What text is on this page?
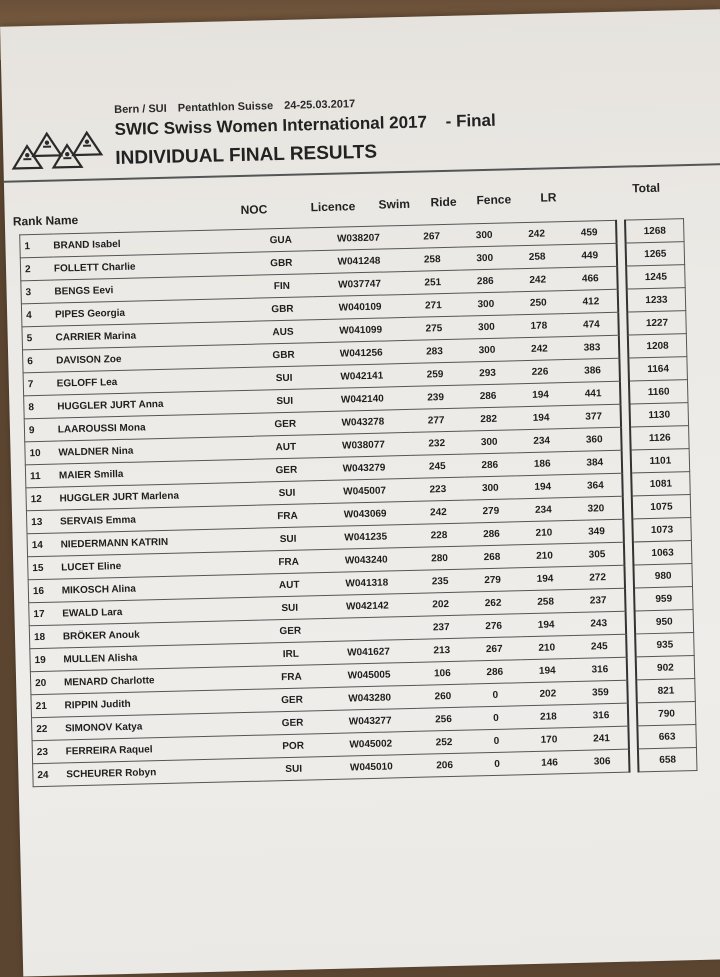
Bern / SUI Pentathlon Suisse 24-25.03.2017
SWIC Swiss Women International 2017 - Final
INDIVIDUAL FINAL RESULTS
Rank Name
NOC	Licence Swim Ride Fence LR
Total
1	BRAND Isabel	GUA	W038207	267	300	242	459		1268
2	FOLLETT Charlie	GBR	W041248	258	300	258	449		1265
3	BENGS Eevi	FIN	W037747	251	286	242	466		1245
4	PIPES Georgia	GBR	W040109	271	300	250	412		1233
5	CARRIER Marina	AUS	W041099	275	300	178	474		1227
6	DAVISON Zoe	GBR	W041256	283	300	242	383		1208
7	EGLOFF Lea	SUI	W042141	259	293	226	386		1164
8	HUGGLER JURT Anna	SUI	W042140	239	286	194	441		1160
9	LAAROUSSI Mona	GER	W043278	277	282	194	377		1130
10	WALDNER Nina	AUT	W038077	232	300	234	360		1126
11	MAIER Smilla	GER	W043279	245	286	186	384		1101
12	HUGGLER JURT Marlena	SUI	W045007	223	300	194	364		1081
13	SERVAIS Emma	FRA	W043069	242	279	234	320		1075
14	NIEDERMANN KATRIN	SUI	W041235	228	286	210	349		1073
15	LUCET Eline	FRA	W043240	280	268	210	305		1063
16	MIKOSCH Alina	AUT	W041318	235	279	194	272		980
17	EWALD Lara	SUI	W042142	202	262	258	237		959
18	BRÖKER Anouk	GER		237	276	194	243		950
19	MULLEN Alisha	IRL	W041627	213	267	210	245		935
20	MENARD Charlotte	FRA	W045005	106	286	194	316		902
21	RIPPIN Judith	GER	W043280	260	0	202	359		821
22	SIMONOV Katya	GER	W043277	256	0	218	316		790
23	FERREIRA Raquel	POR	W045002	252	0	170	241		663
24	SCHEURER Robyn	SUI	W045010	206	0	146	306		658
